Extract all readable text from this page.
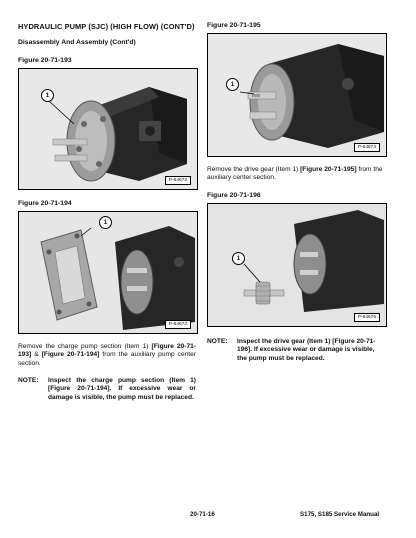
HYDRAULIC PUMP (SJC) (HIGH FLOW) (CONT'D)
Disassembly And Assembly (Cont'd)
Figure 20-71-193
1
P-64672
Figure 20-71-194
1
P-64673
Remove the charge pump section (Item 1) [Figure 20-71-193] & [Figure 20-71-194] from the auxiliary pump center section.
NOTE: Inspect the charge pump section (Item 1) [Figure 20-71-194]. If excessive wear or damage is visible, the pump must be replaced.
Figure 20-71-195
1
P-64674
Remove the drive gear (Item 1) [Figure 20-71-195] from the auxiliary center section.
Figure 20-71-196
1
P-64675
NOTE: Inspect the drive gear (Item 1) [Figure 20-71-196]. If excessive wear or damage is visible, the pump must be replaced.
20-71-16	S175, S185 Service Manual
